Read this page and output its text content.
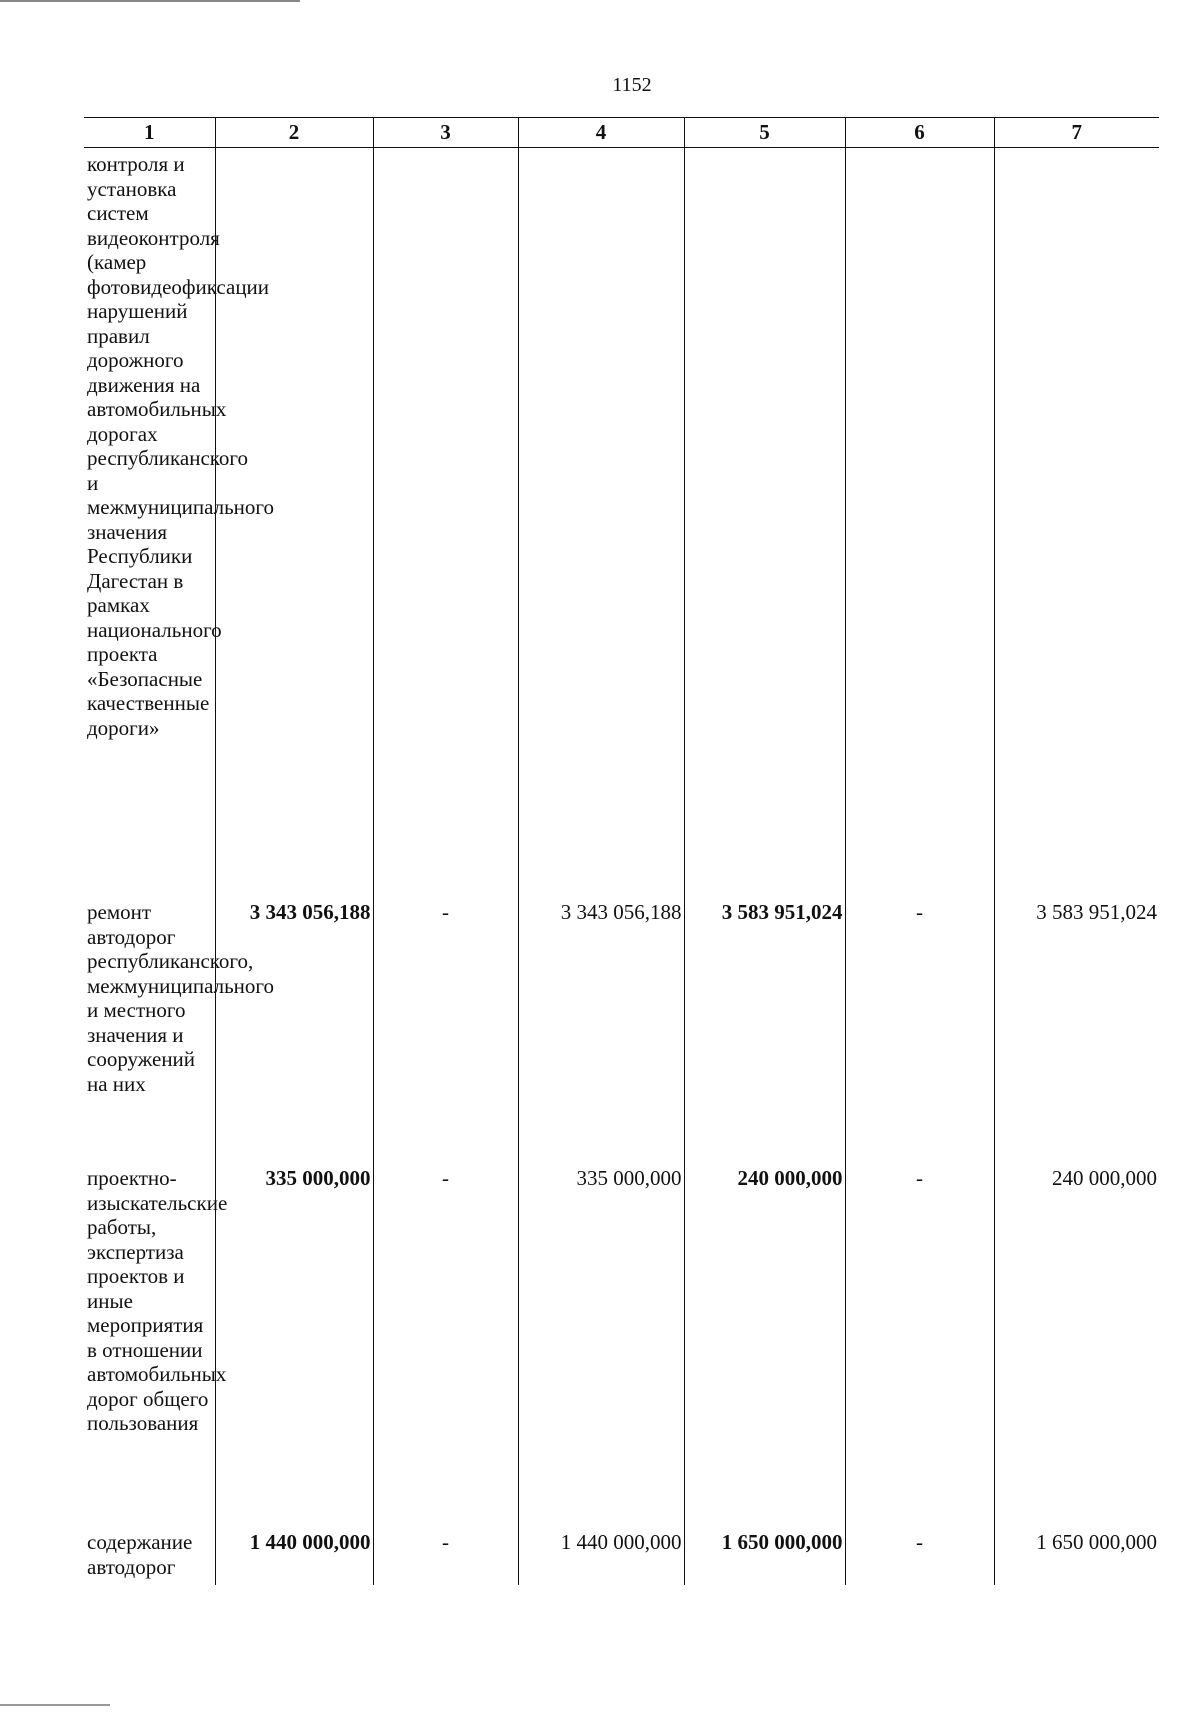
1152
1	2	3	4	5	6	7
контроля и установка систем видеоконтроля (камер фотовидеофиксации нарушений правил дорожного движения на автомобильных дорогах республиканского и межмуниципального значения Республики Дагестан в рамках национального проекта «Безопасные качественные дороги»						
ремонт автодорог республиканского, межмуниципального и местного значения и сооружений на них	3 343 056,188	-	3 343 056,188	3 583 951,024	-	3 583 951,024
проектно-изыскательские работы, экспертиза проектов и иные мероприятия в отношении автомобильных дорог общего пользования	335 000,000	-	335 000,000	240 000,000	-	240 000,000
содержание автодорог	1 440 000,000	-	1 440 000,000	1 650 000,000	-	1 650 000,000
